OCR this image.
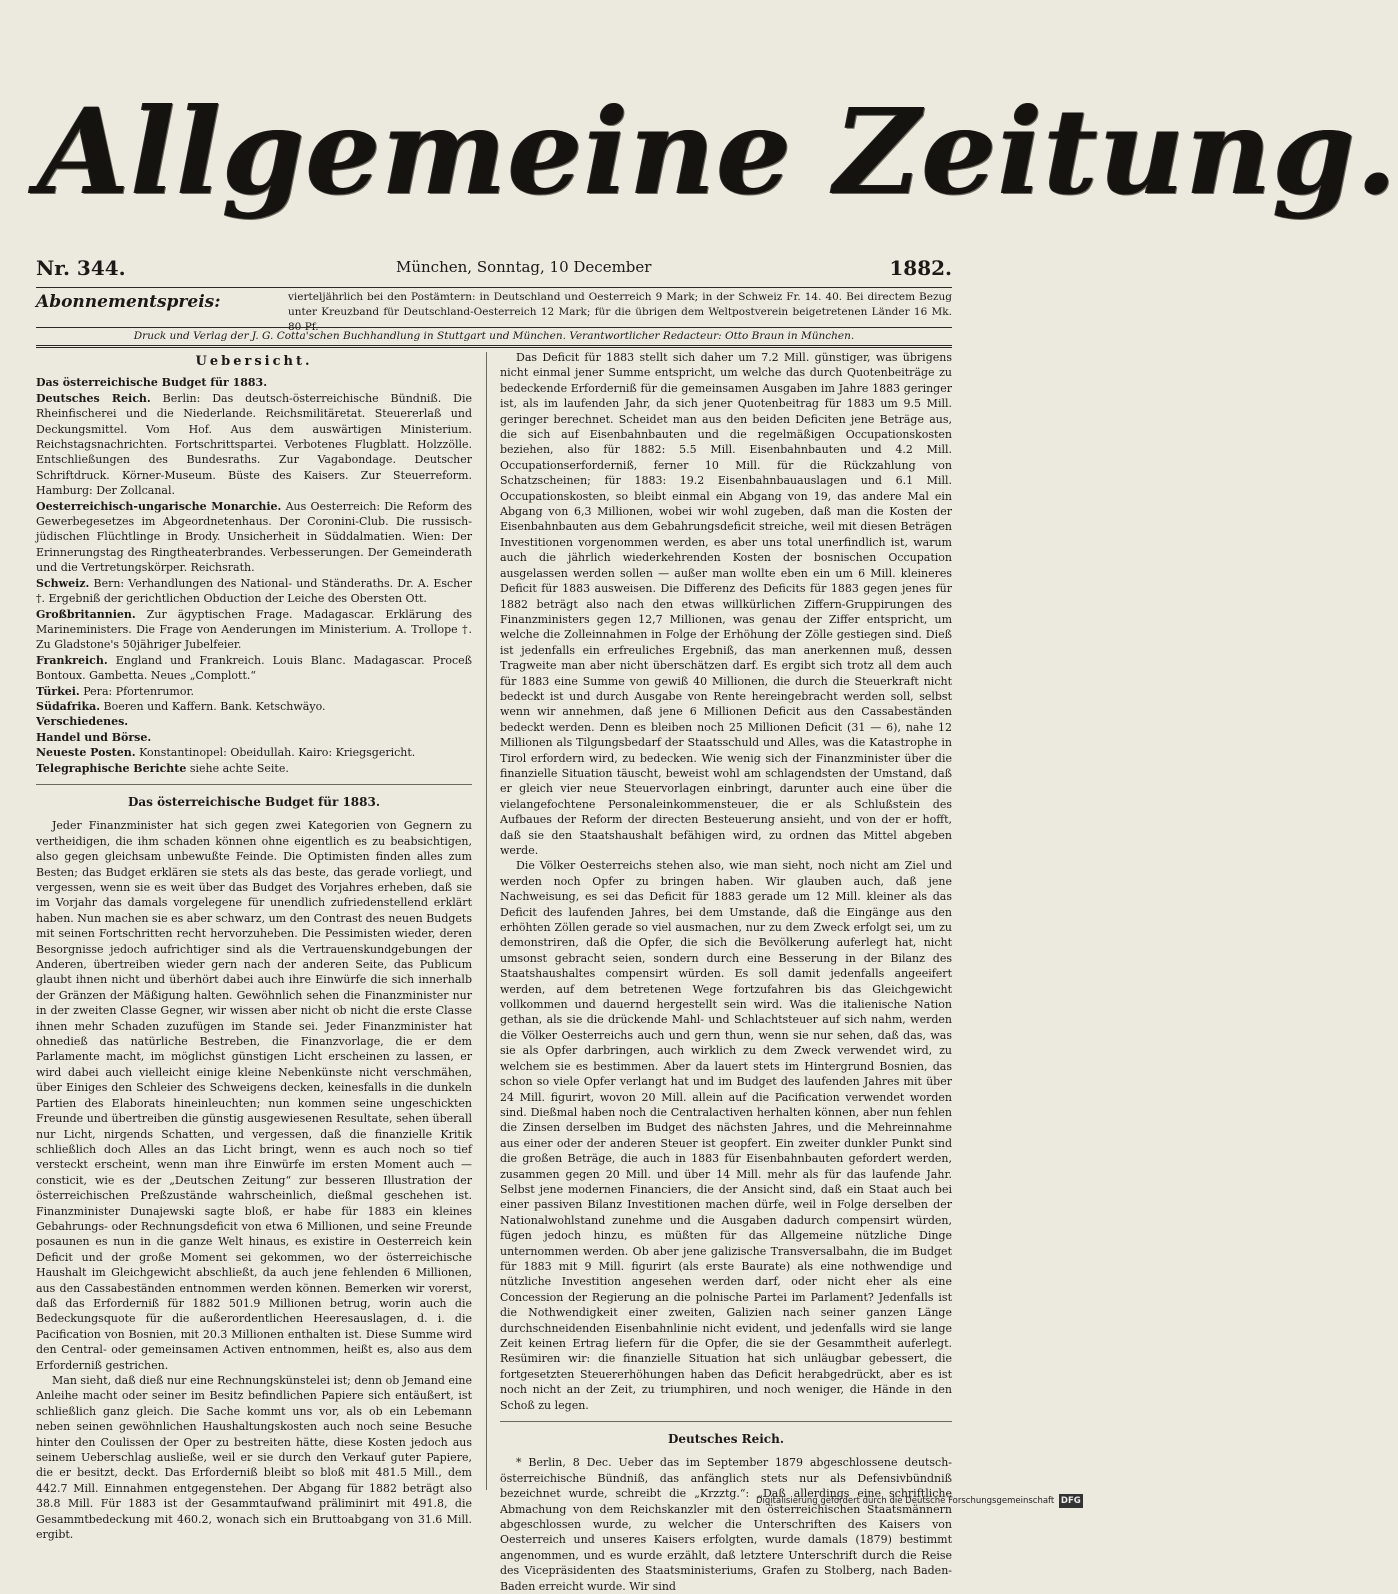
Allgemeine Zeitung.
Nr. 344.	München, Sonntag, 10 December	1882.
Abonnementspreis:	vierteljährlich bei den Postämtern: in Deutschland und Oesterreich 9 Mark; in der Schweiz Fr. 14. 40. Bei directem Bezug unter Kreuzband für Deutschland-Oesterreich 12 Mark; für die übrigen dem Weltpostverein beigetretenen Länder 16 Mk. 80 Pf.
Druck und Verlag der J. G. Cotta'schen Buchhandlung in Stuttgart und München. Verantwortlicher Redacteur: Otto Braun in München.
Uebersicht.

Das österreichische Budget für 1883.

Deutsches Reich. Berlin: Das deutsch-österreichische Bündniß. Die Rheinfischerei und die Niederlande. Reichsmilitäretat. Steuererlaß und Deckungsmittel. Vom Hof. Aus dem auswärtigen Ministerium. Reichstagsnachrichten. Fortschrittspartei. Verbotenes Flugblatt. Holzzölle. Entschließungen des Bundesraths. Zur Vagabondage. Deutscher Schriftdruck. Körner-Museum. Büste des Kaisers. Zur Steuerreform. Hamburg: Der Zollcanal.

Oesterreichisch-ungarische Monarchie. Aus Oesterreich: Die Reform des Gewerbegesetzes im Abgeordnetenhaus. Der Coronini-Club. Die russisch-jüdischen Flüchtlinge in Brody. Unsicherheit in Süddalmatien. Wien: Der Erinnerungstag des Ringtheaterbrandes. Verbesserungen. Der Gemeinderath und die Vertretungskörper. Reichsrath.

Schweiz. Bern: Verhandlungen des National- und Ständeraths. Dr. A. Escher †. Ergebniß der gerichtlichen Obduction der Leiche des Obersten Ott.

Großbritannien. Zur ägyptischen Frage. Madagascar. Erklärung des Marineministers. Die Frage von Aenderungen im Ministerium. A. Trollope †. Zu Gladstone's 50jähriger Jubelfeier.

Frankreich. England und Frankreich. Louis Blanc. Madagascar. Proceß Bontoux. Gambetta. Neues „Complott.“

Türkei. Pera: Pfortenrumor.

Südafrika. Boeren und Kaffern. Bank. Ketschwäyo.

Verschiedenes.

Handel und Börse.

Neueste Posten. Konstantinopel: Obeidullah. Kairo: Kriegsgericht.

Telegraphische Berichte siehe achte Seite.

Das österreichische Budget für 1883.

Jeder Finanzminister hat sich gegen zwei Kategorien von Gegnern zu vertheidigen, die ihm schaden können ohne eigentlich es zu beabsichtigen, also gegen gleichsam unbewußte Feinde. Die Optimisten finden alles zum Besten; das Budget erklären sie stets als das beste, das gerade vorliegt, und vergessen, wenn sie es weit über das Budget des Vorjahres erheben, daß sie im Vorjahr das damals vorgelegene für unendlich zufriedenstellend erklärt haben. Nun machen sie es aber schwarz, um den Contrast des neuen Budgets mit seinen Fortschritten recht hervorzuheben. Die Pessimisten wieder, deren Besorgnisse jedoch aufrichtiger sind als die Vertrauenskundgebungen der Anderen, übertreiben wieder gern nach der anderen Seite, das Publicum glaubt ihnen nicht und überhört dabei auch ihre Einwürfe die sich innerhalb der Gränzen der Mäßigung halten. Gewöhnlich sehen die Finanzminister nur in der zweiten Classe Gegner, wir wissen aber nicht ob nicht die erste Classe ihnen mehr Schaden zuzufügen im Stande sei. Jeder Finanzminister hat ohnedieß das natürliche Bestreben, die Finanzvorlage, die er dem Parlamente macht, im möglichst günstigen Licht erscheinen zu lassen, er wird dabei auch vielleicht einige kleine Nebenkünste nicht verschmähen, über Einiges den Schleier des Schweigens decken, keinesfalls in die dunkeln Partien des Elaborats hineinleuchten; nun kommen seine ungeschickten Freunde und übertreiben die günstig ausgewiesenen Resultate, sehen überall nur Licht, nirgends Schatten, und vergessen, daß die finanzielle Kritik schließlich doch Alles an das Licht bringt, wenn es auch noch so tief versteckt erscheint, wenn man ihre Einwürfe im ersten Moment auch — consticit, wie es der „Deutschen Zeitung“ zur besseren Illustration der österreichischen Preßzustände wahrscheinlich, dießmal geschehen ist. Finanzminister Dunajewski sagte bloß, er habe für 1883 ein kleines Gebahrungs- oder Rechnungsdeficit von etwa 6 Millionen, und seine Freunde posaunen es nun in die ganze Welt hinaus, es existire in Oesterreich kein Deficit und der große Moment sei gekommen, wo der österreichische Haushalt im Gleichgewicht abschließt, da auch jene fehlenden 6 Millionen, aus den Cassabeständen entnommen werden können. Bemerken wir vorerst, daß das Erforderniß für 1882 501.9 Millionen betrug, worin auch die Bedeckungsquote für die außerordentlichen Heeresauslagen, d. i. die Pacification von Bosnien, mit 20.3 Millionen enthalten ist. Diese Summe wird den Central- oder gemeinsamen Activen entnommen, heißt es, also aus dem Erforderniß gestrichen.

Man sieht, daß dieß nur eine Rechnungskünstelei ist; denn ob Jemand eine Anleihe macht oder seiner im Besitz befindlichen Papiere sich entäußert, ist schließlich ganz gleich. Die Sache kommt uns vor, als ob ein Lebemann neben seinen gewöhnlichen Haushaltungskosten auch noch seine Besuche hinter den Coulissen der Oper zu bestreiten hätte, diese Kosten jedoch aus seinem Ueberschlag ausließe, weil er sie durch den Verkauf guter Papiere, die er besitzt, deckt. Das Erforderniß bleibt so bloß mit 481.5 Mill., dem 442.7 Mill. Einnahmen entgegenstehen. Der Abgang für 1882 beträgt also 38.8 Mill. Für 1883 ist der Gesammtaufwand präliminirt mit 491.8, die Gesammtbedeckung mit 460.2, wonach sich ein Bruttoabgang von 31.6 Mill. ergibt.

Das Deficit für 1883 stellt sich daher um 7.2 Mill. günstiger, was übrigens nicht einmal jener Summe entspricht, um welche das durch Quotenbeiträge zu bedeckende Erforderniß für die gemeinsamen Ausgaben im Jahre 1883 geringer ist, als im laufenden Jahr, da sich jener Quotenbeitrag für 1883 um 9.5 Mill. geringer berechnet. Scheidet man aus den beiden Deficiten jene Beträge aus, die sich auf Eisenbahnbauten und die regelmäßigen Occupationskosten beziehen, also für 1882: 5.5 Mill. Eisenbahnbauten und 4.2 Mill. Occupationserforderniß, ferner 10 Mill. für die Rückzahlung von Schatzscheinen; für 1883: 19.2 Eisenbahnbauauslagen und 6.1 Mill. Occupationskosten, so bleibt einmal ein Abgang von 19, das andere Mal ein Abgang von 6,3 Millionen, wobei wir wohl zugeben, daß man die Kosten der Eisenbahnbauten aus dem Gebahrungsdeficit streiche, weil mit diesen Beträgen Investitionen vorgenommen werden, es aber uns total unerfindlich ist, warum auch die jährlich wiederkehrenden Kosten der bosnischen Occupation ausgelassen werden sollen — außer man wollte eben ein um 6 Mill. kleineres Deficit für 1883 ausweisen. Die Differenz des Deficits für 1883 gegen jenes für 1882 beträgt also nach den etwas willkürlichen Ziffern-Gruppirungen des Finanzministers gegen 12,7 Millionen, was genau der Ziffer entspricht, um welche die Zolleinnahmen in Folge der Erhöhung der Zölle gestiegen sind. Dieß ist jedenfalls ein erfreuliches Ergebniß, das man anerkennen muß, dessen Tragweite man aber nicht überschätzen darf. Es ergibt sich trotz all dem auch für 1883 eine Summe von gewiß 40 Millionen, die durch die Steuerkraft nicht bedeckt ist und durch Ausgabe von Rente hereingebracht werden soll, selbst wenn wir annehmen, daß jene 6 Millionen Deficit aus den Cassabeständen bedeckt werden. Denn es bleiben noch 25 Millionen Deficit (31 — 6), nahe 12 Millionen als Tilgungsbedarf der Staatsschuld und Alles, was die Katastrophe in Tirol erfordern wird, zu bedecken. Wie wenig sich der Finanzminister über die finanzielle Situation täuscht, beweist wohl am schlagendsten der Umstand, daß er gleich vier neue Steuervorlagen einbringt, darunter auch eine über die vielangefochtene Personaleinkommensteuer, die er als Schlußstein des Aufbaues der Reform der directen Besteuerung ansieht, und von der er hofft, daß sie den Staatshaushalt befähigen wird, zu ordnen das Mittel abgeben werde.

Die Völker Oesterreichs stehen also, wie man sieht, noch nicht am Ziel und werden noch Opfer zu bringen haben. Wir glauben auch, daß jene Nachweisung, es sei das Deficit für 1883 gerade um 12 Mill. kleiner als das Deficit des laufenden Jahres, bei dem Umstande, daß die Eingänge aus den erhöhten Zöllen gerade so viel ausmachen, nur zu dem Zweck erfolgt sei, um zu demonstriren, daß die Opfer, die sich die Bevölkerung auferlegt hat, nicht umsonst gebracht seien, sondern durch eine Besserung in der Bilanz des Staatshaushaltes compensirt würden. Es soll damit jedenfalls angeeifert werden, auf dem betretenen Wege fortzufahren bis das Gleichgewicht vollkommen und dauernd hergestellt sein wird. Was die italienische Nation gethan, als sie die drückende Mahl- und Schlachtsteuer auf sich nahm, werden die Völker Oesterreichs auch und gern thun, wenn sie nur sehen, daß das, was sie als Opfer darbringen, auch wirklich zu dem Zweck verwendet wird, zu welchem sie es bestimmen. Aber da lauert stets im Hintergrund Bosnien, das schon so viele Opfer verlangt hat und im Budget des laufenden Jahres mit über 24 Mill. figurirt, wovon 20 Mill. allein auf die Pacification verwendet worden sind. Dießmal haben noch die Centralactiven herhalten können, aber nun fehlen die Zinsen derselben im Budget des nächsten Jahres, und die Mehreinnahme aus einer oder der anderen Steuer ist geopfert. Ein zweiter dunkler Punkt sind die großen Beträge, die auch in 1883 für Eisenbahnbauten gefordert werden, zusammen gegen 20 Mill. und über 14 Mill. mehr als für das laufende Jahr. Selbst jene modernen Financiers, die der Ansicht sind, daß ein Staat auch bei einer passiven Bilanz Investitionen machen dürfe, weil in Folge derselben der Nationalwohlstand zunehme und die Ausgaben dadurch compensirt würden, fügen jedoch hinzu, es müßten für das Allgemeine nützliche Dinge unternommen werden. Ob aber jene galizische Transversalbahn, die im Budget für 1883 mit 9 Mill. figurirt (als erste Baurate) als eine nothwendige und nützliche Investition angesehen werden darf, oder nicht eher als eine Concession der Regierung an die polnische Partei im Parlament? Jedenfalls ist die Nothwendigkeit einer zweiten, Galizien nach seiner ganzen Länge durchschneidenden Eisenbahnlinie nicht evident, und jedenfalls wird sie lange Zeit keinen Ertrag liefern für die Opfer, die sie der Gesammtheit auferlegt. Resümiren wir: die finanzielle Situation hat sich unläugbar gebessert, die fortgesetzten Steuererhöhungen haben das Deficit herabgedrückt, aber es ist noch nicht an der Zeit, zu triumphiren, und noch weniger, die Hände in den Schoß zu legen.

Deutsches Reich.

* Berlin, 8 Dec. Ueber das im September 1879 abgeschlossene deutsch-österreichische Bündniß, das anfänglich stets nur als Defensivbündniß bezeichnet wurde, schreibt die „Krzztg.“: „Daß allerdings eine schriftliche Abmachung von dem Reichskanzler mit den österreichischen Staatsmännern abgeschlossen wurde, zu welcher die Unterschriften des Kaisers von Oesterreich und unseres Kaisers erfolgten, wurde damals (1879) bestimmt angenommen, und es wurde erzählt, daß letztere Unterschrift durch die Reise des Vicepräsidenten des Staatsministeriums, Grafen zu Stolberg, nach Baden-Baden erreicht wurde. Wir sind

Digitalisierung gefördert durch die Deutsche Forschungsgemeinschaft DFG
